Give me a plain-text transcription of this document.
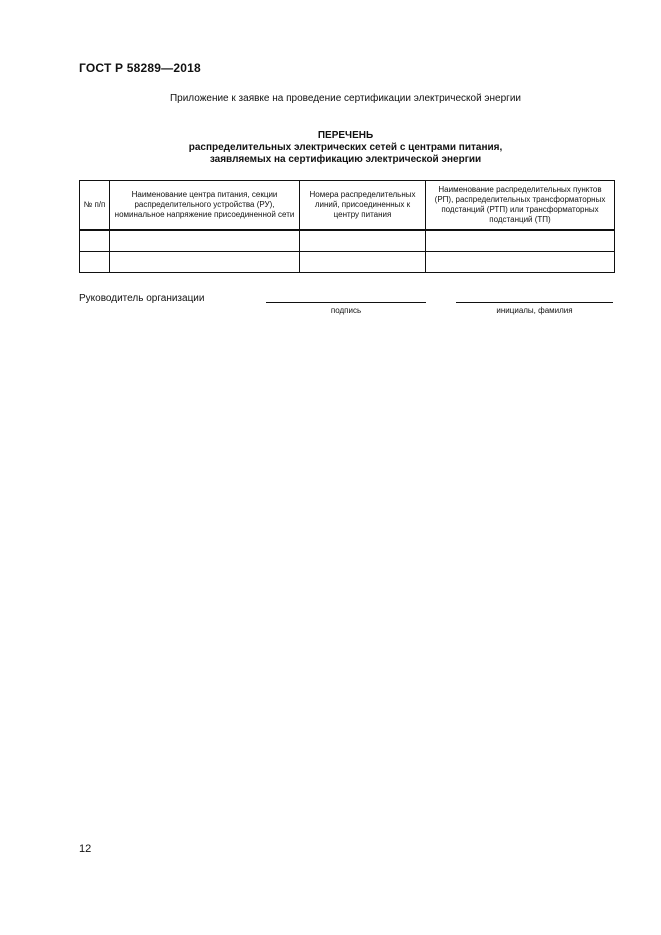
ГОСТ Р 58289—2018
Приложение к заявке на проведение сертификации электрической энергии
ПЕРЕЧЕНЬ
распределительных электрических сетей с центрами питания,
заявляемых на сертификацию электрической энергии
№ п/п	Наименование центра питания, секции распределительного устройства (РУ), номинальное напряжение присоединенной сети	Номера распределительных линий, присоединенных к центру питания	Наименование распределительных пунктов (РП), распределительных трансформаторных подстанций (РТП) или трансформаторных подстанций (ТП)

Руководитель организации
подпись	инициалы, фамилия
12
